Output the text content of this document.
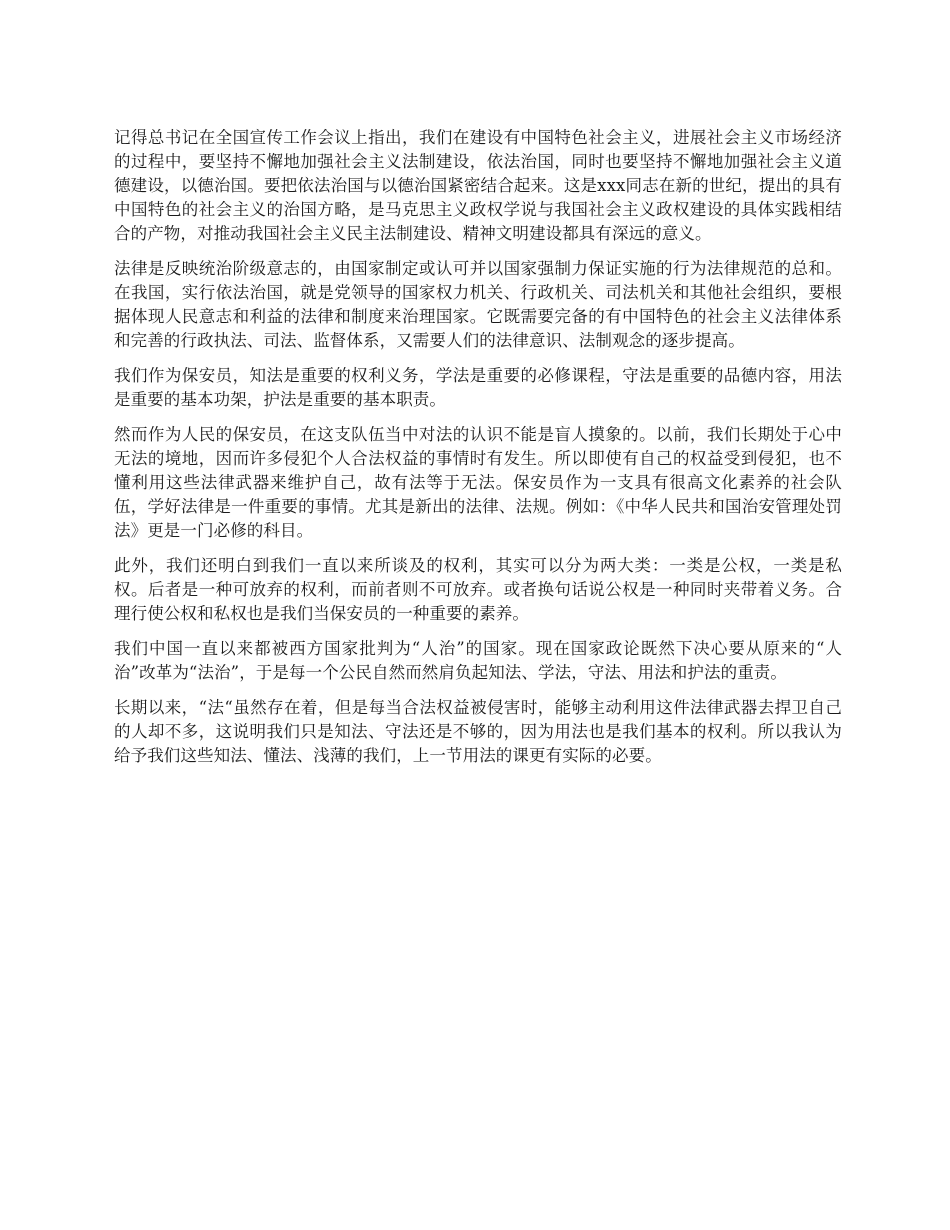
记得总书记在全国宣传工作会议上指出，我们在建设有中国特色社会主义，进展社会主义市场经济的过程中，要坚持不懈地加强社会主义法制建设，依法治国，同时也要坚持不懈地加强社会主义道德建设，以德治国。要把依法治国与以德治国紧密结合起来。这是xxx同志在新的世纪，提出的具有中国特色的社会主义的治国方略，是马克思主义政权学说与我国社会主义政权建设的具体实践相结合的产物，对推动我国社会主义民主法制建设、精神文明建设都具有深远的意义。

法律是反映统治阶级意志的，由国家制定或认可并以国家强制力保证实施的行为法律规范的总和。在我国，实行依法治国，就是党领导的国家权力机关、行政机关、司法机关和其他社会组织，要根据体现人民意志和利益的法律和制度来治理国家。它既需要完备的有中国特色的社会主义法律体系和完善的行政执法、司法、监督体系，又需要人们的法律意识、法制观念的逐步提高。

我们作为保安员，知法是重要的权利义务，学法是重要的必修课程，守法是重要的品德内容，用法是重要的基本功架，护法是重要的基本职责。

然而作为人民的保安员，在这支队伍当中对法的认识不能是盲人摸象的。以前，我们长期处于心中无法的境地，因而许多侵犯个人合法权益的事情时有发生。所以即使有自己的权益受到侵犯，也不懂利用这些法律武器来维护自己，故有法等于无法。保安员作为一支具有很高文化素养的社会队伍，学好法律是一件重要的事情。尤其是新出的法律、法规。例如：《中华人民共和国治安管理处罚法》更是一门必修的科目。

此外，我们还明白到我们一直以来所谈及的权利，其实可以分为两大类：一类是公权，一类是私权。后者是一种可放弃的权利，而前者则不可放弃。或者换句话说公权是一种同时夹带着义务。合理行使公权和私权也是我们当保安员的一种重要的素养。

我们中国一直以来都被西方国家批判为“人治”的国家。现在国家政论既然下决心要从原来的“人治”改革为“法治”，于是每一个公民自然而然肩负起知法、学法，守法、用法和护法的重责。

长期以来，“法“虽然存在着，但是每当合法权益被侵害时，能够主动利用这件法律武器去捍卫自己的人却不多，这说明我们只是知法、守法还是不够的，因为用法也是我们基本的权利。所以我认为给予我们这些知法、懂法、浅薄的我们，上一节用法的课更有实际的必要。
